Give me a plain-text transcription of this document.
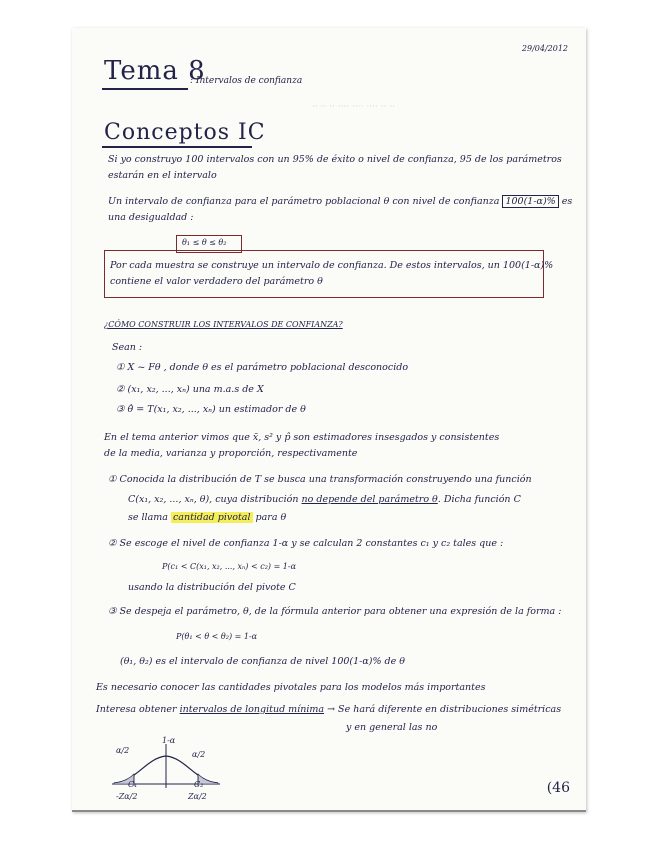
·· ·· ·· ···· ···· ···· ·· ··
29/04/2012
Tema 8
: Intervalos de confianza
Conceptos IC
Si yo construyo 100 intervalos con un 95% de éxito o nivel de confianza, 95 de los parámetros
estarán en el intervalo
Un intervalo de confianza para el parámetro poblacional θ con nivel de confianza 100(1-α)% es
una desigualdad :
θ₁ ≤ θ ≤ θ₂
Por cada muestra se construye un intervalo de confianza. De estos intervalos, un 100(1-α)%
contiene el valor verdadero del parámetro θ
¿CÓMO CONSTRUIR LOS INTERVALOS DE CONFIANZA?
Sean :
① X ~ Fθ , donde θ es el parámetro poblacional desconocido
② (x₁, x₂, ..., xₙ) una m.a.s de X
③ θ̂ = T(x₁, x₂, ..., xₙ) un estimador de θ
En el tema anterior vimos que x̄, s² y p̂ son estimadores insesgados y consistentes
de la media, varianza y proporción, respectivamente
① Conocida la distribución de T se busca una transformación construyendo una función
C(x₁, x₂, ..., xₙ, θ), cuya distribución no depende del parámetro θ. Dicha función C
se llama cantidad pivotal para θ
② Se escoge el nivel de confianza 1-α y se calculan 2 constantes c₁ y c₂ tales que :
P(c₁ < C(x₁, x₂, ..., xₙ) < c₂) = 1-α
usando la distribución del pivote C
③ Se despeja el parámetro, θ, de la fórmula anterior para obtener una expresión de la forma :
P(θ₁ < θ < θ₂) = 1-α
(θ₁, θ₂) es el intervalo de confianza de nivel 100(1-α)% de θ
Es necesario conocer las cantidades pivotales para los modelos más importantes
Interesa obtener intervalos de longitud mínima → Se hará diferente en distribuciones simétricas
y en general las no
α/2
1-α
α/2
C₁	C₂
-Zα/2	Zα/2
(46
